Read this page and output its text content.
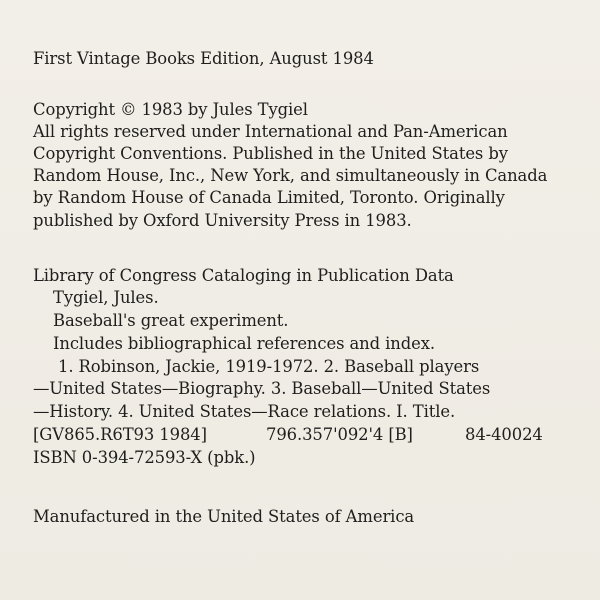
First Vintage Books Edition, August 1984
Copyright © 1983 by Jules Tygiel
All rights reserved under International and Pan-American
Copyright Conventions. Published in the United States by
Random House, Inc., New York, and simultaneously in Canada
by Random House of Canada Limited, Toronto. Originally
published by Oxford University Press in 1983.
Library of Congress Cataloging in Publication Data
Tygiel, Jules.
Baseball's great experiment.
Includes bibliographical references and index.
1. Robinson, Jackie, 1919-1972. 2. Baseball players
—United States—Biography. 3. Baseball—United States
—History. 4. United States—Race relations. I. Title.
[GV865.R6T93 1984]	796.357'092'4 [B]	84-40024
ISBN 0-394-72593-X (pbk.)
Manufactured in the United States of America
